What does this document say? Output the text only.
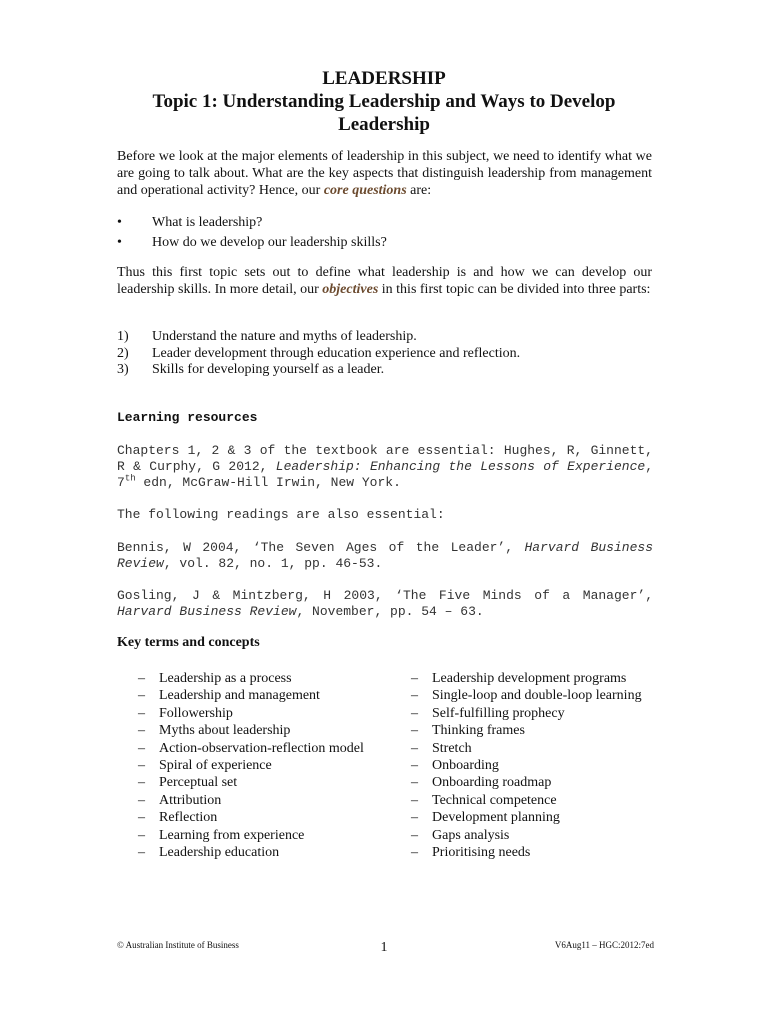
LEADERSHIP
Topic 1: Understanding Leadership and Ways to Develop
Leadership
Before we look at the major elements of leadership in this subject, we need to identify what we are going to talk about. What are the key aspects that distinguish leadership from management and operational activity? Hence, our core questions are:
•	What is leadership?
•	How do we develop our leadership skills?
Thus this first topic sets out to define what leadership is and how we can develop our leadership skills. In more detail, our objectives in this first topic can be divided into three parts:
1)	Understand the nature and myths of leadership.
2)	Leader development through education experience and reflection.
3)	Skills for developing yourself as a leader.
Learning resources
Chapters 1, 2 & 3 of the textbook are essential: Hughes, R, Ginnett, R & Curphy, G 2012, Leadership: Enhancing the Lessons of Experience, 7th edn, McGraw-Hill Irwin, New York.
The following readings are also essential:
Bennis, W 2004, ‘The Seven Ages of the Leader’, Harvard Business Review, vol. 82, no. 1, pp. 46-53.
Gosling, J & Mintzberg, H 2003, ‘The Five Minds of a Manager’, Harvard Business Review, November, pp. 54 – 63.
Key terms and concepts
–	Leadership as a process
–	Leadership and management
–	Followership
–	Myths about leadership
–	Action-observation-reflection model
–	Spiral of experience
–	Perceptual set
–	Attribution
–	Reflection
–	Learning from experience
–	Leadership education
–	Leadership development programs
–	Single-loop and double-loop learning
–	Self-fulfilling prophecy
–	Thinking frames
–	Stretch
–	Onboarding
–	Onboarding roadmap
–	Technical competence
–	Development planning
–	Gaps analysis
–	Prioritising needs
© Australian Institute of Business	1	V6Aug11 – HGC:2012:7ed
